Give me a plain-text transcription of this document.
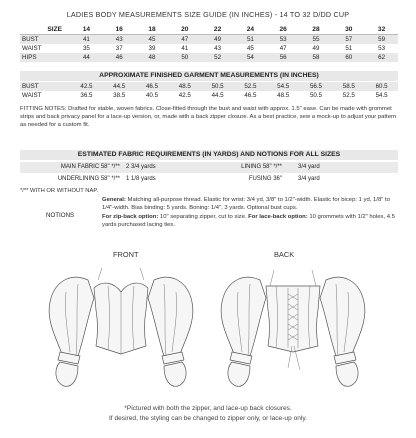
LADIES BODY MEASUREMENTS SIZE GUIDE (IN INCHES) - 14 TO 32 D/DD CUP
SIZE	14	16	18	20	22	24	26	28	30	32
BUST	41	43	45	47	49	51	53	55	57	59
WAIST	35	37	39	41	43	45	47	49	51	53
HIPS	44	46	48	50	52	54	56	58	60	62
APPROXIMATE FINISHED GARMENT MEASUREMENTS (IN INCHES)
BUST	42.5	44.5	46.5	48.5	50.5	52.5	54.5	56.5	58.5	60.5
WAIST	36.5	38.5	40.5	42.5	44.5	46.5	48.5	50.5	52.5	54.5
FITTING NOTES: Drafted for stable, woven fabrics. Close-fitted through the bust and waist with approx. 1.5" ease. Can be made with grommet strips and back privacy panel for a lace-up version, or, made with a back zipper closure. As a best practice, sew a mock-up to adjust your pattern as needed for a custom fit.
ESTIMATED FABRIC REQUIREMENTS (IN YARDS) AND NOTIONS FOR ALL SIZES
MAIN FABRIC 58" */** 2 3/4 yards	LINING 58" */**	3/4 yard
UNDERLINING 58" */** 1 1/8 yards	FUSING 36"	3/4 yard
*/** WITH OR WITHOUT NAP.
NOTIONS
General: Matching all-purpose thread. Elastic for wrist: 3/4 yd, 3/8" to 1/2"-width. Elastic for bicep: 1 yd, 1/8" to 1/4"-width. Bias binding: 5 yards. Boning: 1/4", 3 yards. Optional bust cups.
For zip-back option: 10" separating zipper, cut to size. For lace-back option: 10 grommets with 1/2" holes, 4.5 yards purchased lacing ties.
FRONT	BACK
*Pictured with both the zipper, and lace-up back closures.
If desired, the styling can be changed to zipper only, or lace-up only.
